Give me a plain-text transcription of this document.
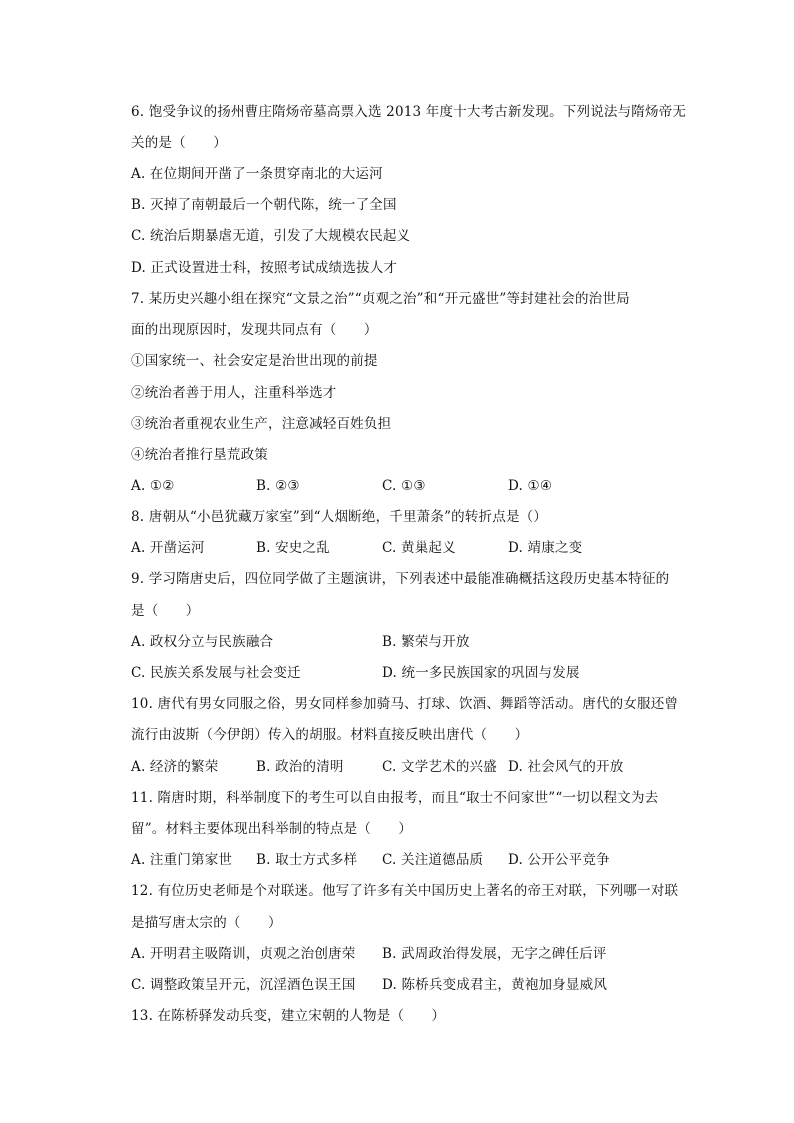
6. 饱受争议的扬州曹庄隋炀帝墓高票入选 2013 年度十大考古新发现。下列说法与隋炀帝无
关的是（　　）
A. 在位期间开凿了一条贯穿南北的大运河
B. 灭掉了南朝最后一个朝代陈，统一了全国
C. 统治后期暴虐无道，引发了大规模农民起义
D. 正式设置进士科，按照考试成绩选拔人才
7. 某历史兴趣小组在探究“文景之治”“贞观之治”和“开元盛世”等封建社会的治世局
面的出现原因时，发现共同点有（　　）
①国家统一、社会安定是治世出现的前提
②统治者善于用人，注重科举选才
③统治者重视农业生产，注意减轻百姓负担
④统治者推行垦荒政策
A. ①②	B. ②③	C. ①③	D. ①④
8. 唐朝从“小邑犹藏万家室”到“人烟断绝，千里萧条”的转折点是（）
A. 开凿运河	B. 安史之乱	C. 黄巢起义	D. 靖康之变
9. 学习隋唐史后，四位同学做了主题演讲，下列表述中最能准确概括这段历史基本特征的
是（　　）
A. 政权分立与民族融合	B. 繁荣与开放
C. 民族关系发展与社会变迁	D. 统一多民族国家的巩固与发展
10. 唐代有男女同服之俗，男女同样参加骑马、打球、饮酒、舞蹈等活动。唐代的女服还曾
流行由波斯（今伊朗）传入的胡服。材料直接反映出唐代（　　）
A. 经济的繁荣	B. 政治的清明	C. 文学艺术的兴盛 D. 社会风气的开放
11. 隋唐时期，科举制度下的考生可以自由报考，而且“取士不问家世”“一切以程文为去
留”。材料主要体现出科举制的特点是（　　）
A. 注重门第家世 B. 取士方式多样 C. 关注道德品质 D. 公开公平竞争
12. 有位历史老师是个对联迷。他写了许多有关中国历史上著名的帝王对联，下列哪一对联
是描写唐太宗的（　　）
A. 开明君主吸隋训，贞观之治创唐荣 B. 武周政治得发展，无字之碑任后评
C. 调整政策呈开元，沉淫酒色误王国 D. 陈桥兵变成君主，黄袍加身显威风
13. 在陈桥驿发动兵变，建立宋朝的人物是（　　）
